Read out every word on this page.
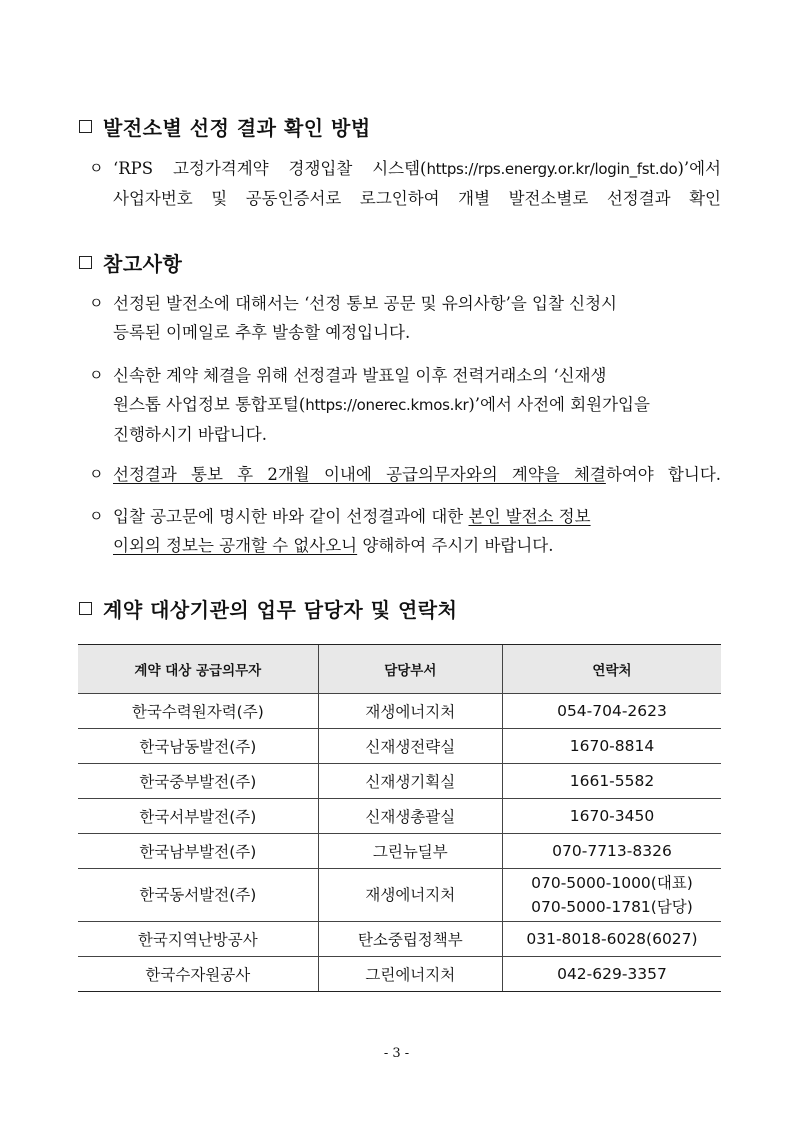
발전소별 선정 결과 확인 방법
ㅇ ‘RPS 고정가격계약 경쟁입찰 시스템(https://rps.energy.or.kr/login_fst.do)’에서
사업자번호 및 공동인증서로 로그인하여 개별 발전소별로 선정결과 확인
참고사항
ㅇ 선정된 발전소에 대해서는 ‘선정 통보 공문 및 유의사항’을 입찰 신청시
등록된 이메일로 추후 발송할 예정입니다.
ㅇ 신속한 계약 체결을 위해 선정결과 발표일 이후 전력거래소의 ‘신재생
원스톱 사업정보 통합포털(https://onerec.kmos.kr)’에서 사전에 회원가입을
진행하시기 바랍니다.
ㅇ 선정결과 통보 후 2개월 이내에 공급의무자와의 계약을 체결하여야 합니다.
ㅇ 입찰 공고문에 명시한 바와 같이 선정결과에 대한 본인 발전소 정보
이외의 정보는 공개할 수 없사오니 양해하여 주시기 바랍니다.
계약 대상기관의 업무 담당자 및 연락처
계약 대상 공급의무자	담당부서	연락처
한국수력원자력(주)	재생에너지처	054-704-2623
한국남동발전(주)	신재생전략실	1670-8814
한국중부발전(주)	신재생기획실	1661-5582
한국서부발전(주)	신재생총괄실	1670-3450
한국남부발전(주)	그린뉴딜부	070-7713-8326
한국동서발전(주)	재생에너지처	070-5000-1000(대표)
070-5000-1781(담당)

한국지역난방공사	탄소중립정책부	031-8018-6028(6027)
한국수자원공사	그린에너지처	042-629-3357
- 3 -
